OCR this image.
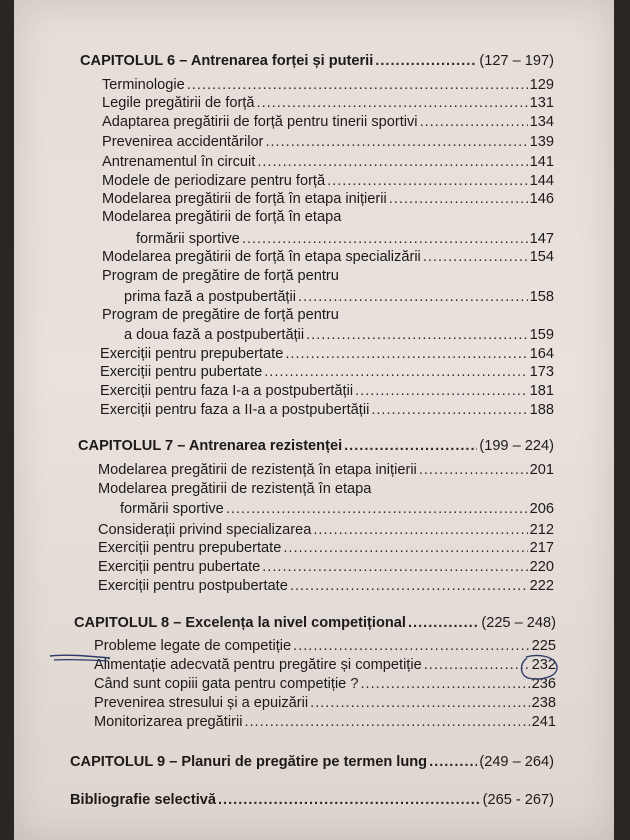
CAPITOLUL 6 – Antrenarea forței și puterii .....	(127 – 197)
Terminologie .....	129
Legile pregătirii de forță .....	131
Adaptarea pregătirii de forță pentru tinerii sportivi .....	134
Prevenirea accidentărilor .....	139
Antrenamentul în circuit .....	141
Modele de periodizare pentru forță .....	144
Modelarea pregătirii de forță în etapa inițierii .....	146
Modelarea pregătirii de forță în etapa
formării sportive .....	147
Modelarea pregătirii de forță în etapa specializării .....	154
Program de pregătire de forță pentru
prima fază a postpubertății .....	158
Program de pregătire de forță pentru
a doua fază a postpubertății .....	159
Exerciții pentru prepubertate .....	164
Exerciții pentru pubertate .....	173
Exerciții pentru faza I-a a postpubertății .....	181
Exerciții pentru faza a II-a a postpubertății .....	188
CAPITOLUL 7 – Antrenarea rezistenței .....	(199 – 224)
Modelarea pregătirii de rezistență în etapa inițierii .....	201
Modelarea pregătirii de rezistență în etapa
formării sportive .....	206
Considerații privind specializarea .....	212
Exerciții pentru prepubertate .....	217
Exerciții pentru pubertate .....	220
Exerciții pentru postpubertate .....	222
CAPITOLUL 8 – Excelența la nivel competițional .....	(225 – 248)
Probleme legate de competiție .....	225
Alimentație adecvată pentru pregătire și competiție .....	232
Când sunt copiii gata pentru competiție ? .....	236
Prevenirea stresului și a epuizării .....	238
Monitorizarea pregătirii .....	241
CAPITOLUL 9 – Planuri de pregătire pe termen lung .....	(249 – 264)
Bibliografie selectivă .....	(265 - 267)
